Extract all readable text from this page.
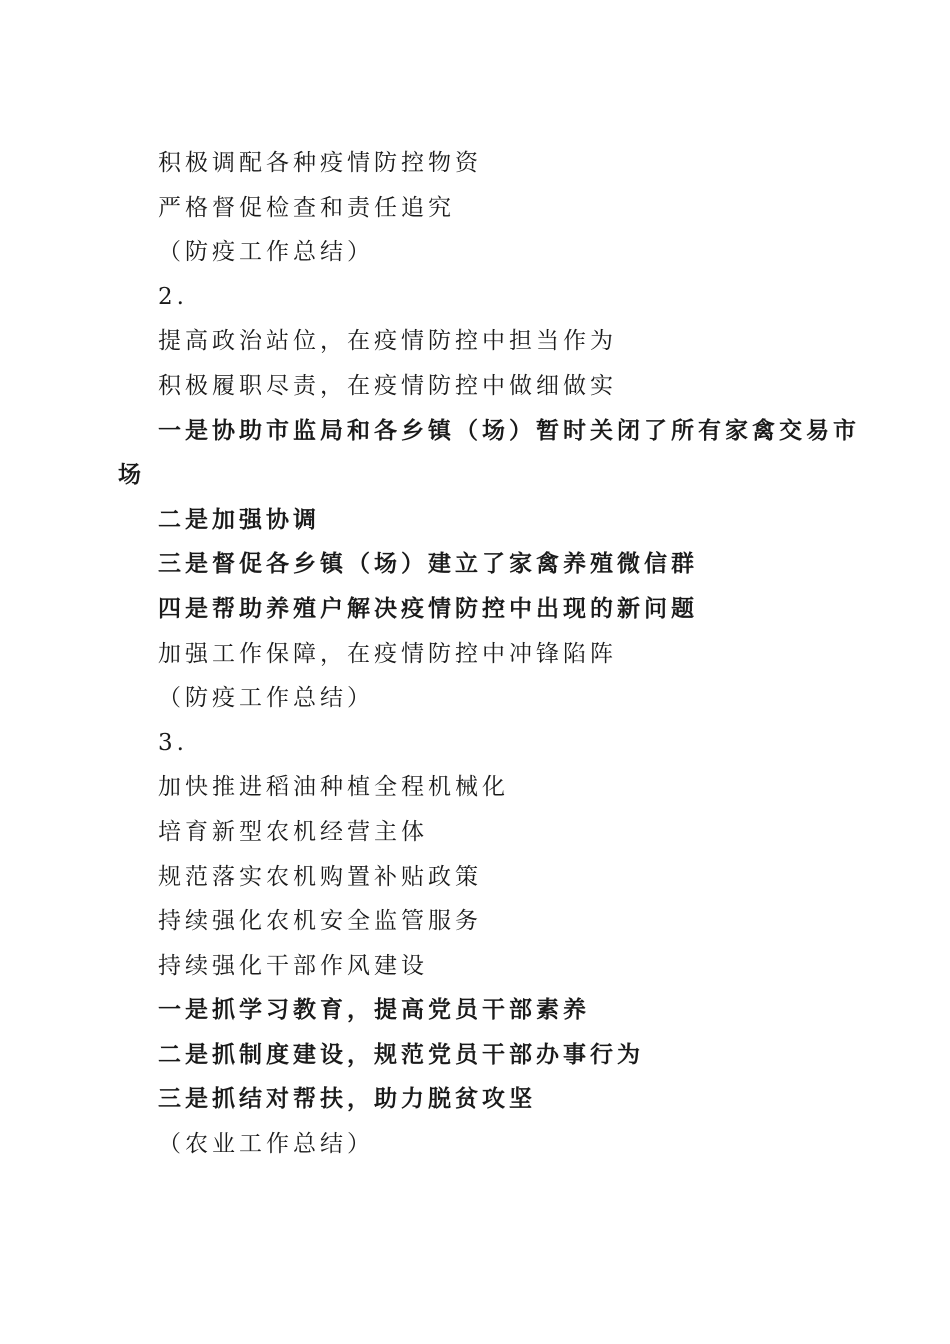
积极调配各种疫情防控物资
严格督促检查和责任追究
（防疫工作总结）
2.
提高政治站位，在疫情防控中担当作为
积极履职尽责，在疫情防控中做细做实
一是协助市监局和各乡镇（场）暂时关闭了所有家禽交易市
场
二是加强协调
三是督促各乡镇（场）建立了家禽养殖微信群
四是帮助养殖户解决疫情防控中出现的新问题
加强工作保障，在疫情防控中冲锋陷阵
（防疫工作总结）
3.
加快推进稻油种植全程机械化
培育新型农机经营主体
规范落实农机购置补贴政策
持续强化农机安全监管服务
持续强化干部作风建设
一是抓学习教育，提高党员干部素养
二是抓制度建设，规范党员干部办事行为
三是抓结对帮扶，助力脱贫攻坚
（农业工作总结）
